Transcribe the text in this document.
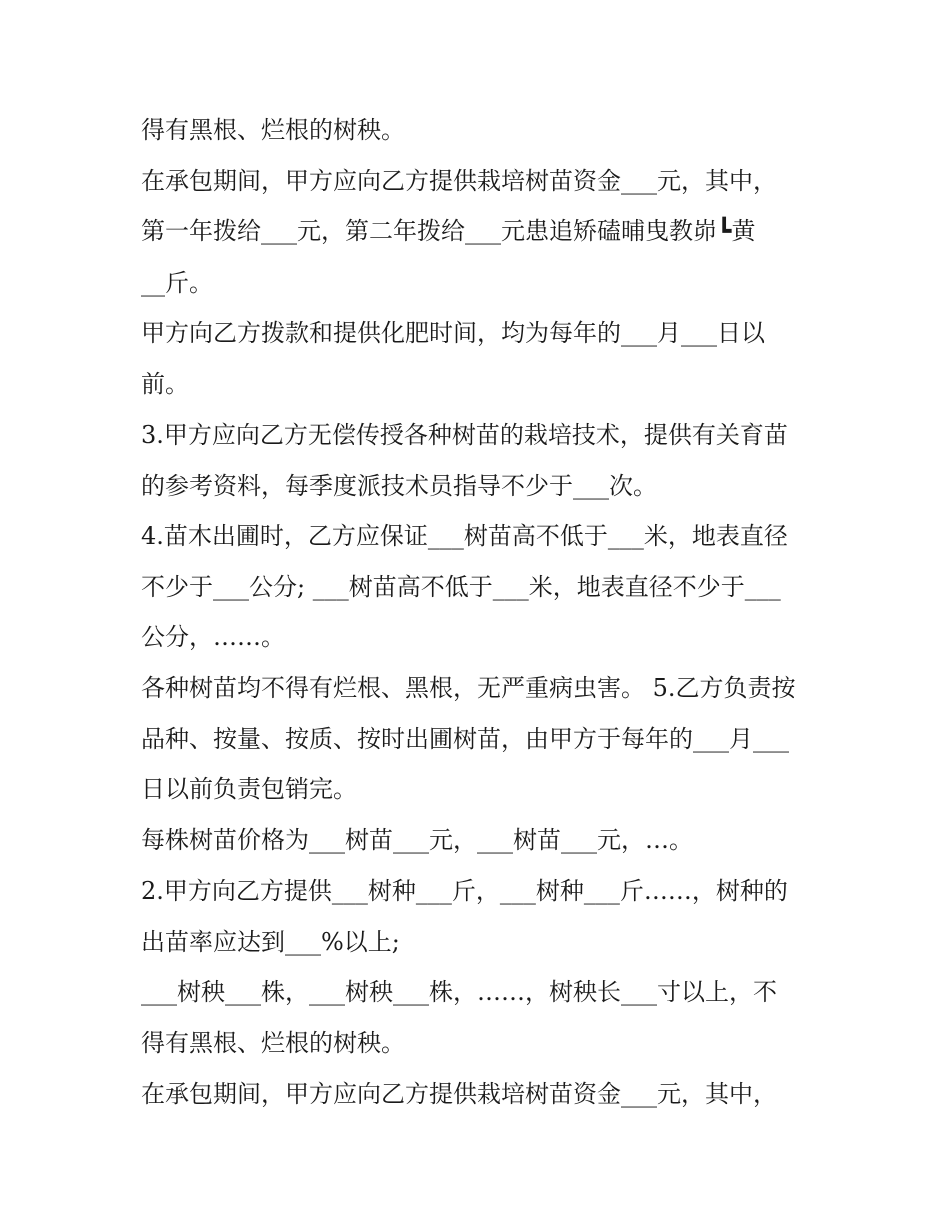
得有黑根、烂根的树秧。
在承包期间，甲方应向乙方提供栽培树苗资金___元，其中，
第一年拨给___元，第二年拨给___元患追矫磕晡曳教峁┗黄
__斤。
甲方向乙方拨款和提供化肥时间，均为每年的___月___日以
前。
3.甲方应向乙方无偿传授各种树苗的栽培技术，提供有关育苗
的参考资料，每季度派技术员指导不少于___次。
4.苗木出圃时，乙方应保证___树苗高不低于___米，地表直径
不少于___公分; ___树苗高不低于___米，地表直径不少于___
公分，……。
各种树苗均不得有烂根、黑根，无严重病虫害。 5.乙方负责按
品种、按量、按质、按时出圃树苗，由甲方于每年的___月___
日以前负责包销完。
每株树苗价格为___树苗___元，___树苗___元，…。
2.甲方向乙方提供___树种___斤，___树种___斤……，树种的
出苗率应达到___%以上;
___树秧___株，___树秧___株，……，树秧长___寸以上，不
得有黑根、烂根的树秧。
在承包期间，甲方应向乙方提供栽培树苗资金___元，其中，
